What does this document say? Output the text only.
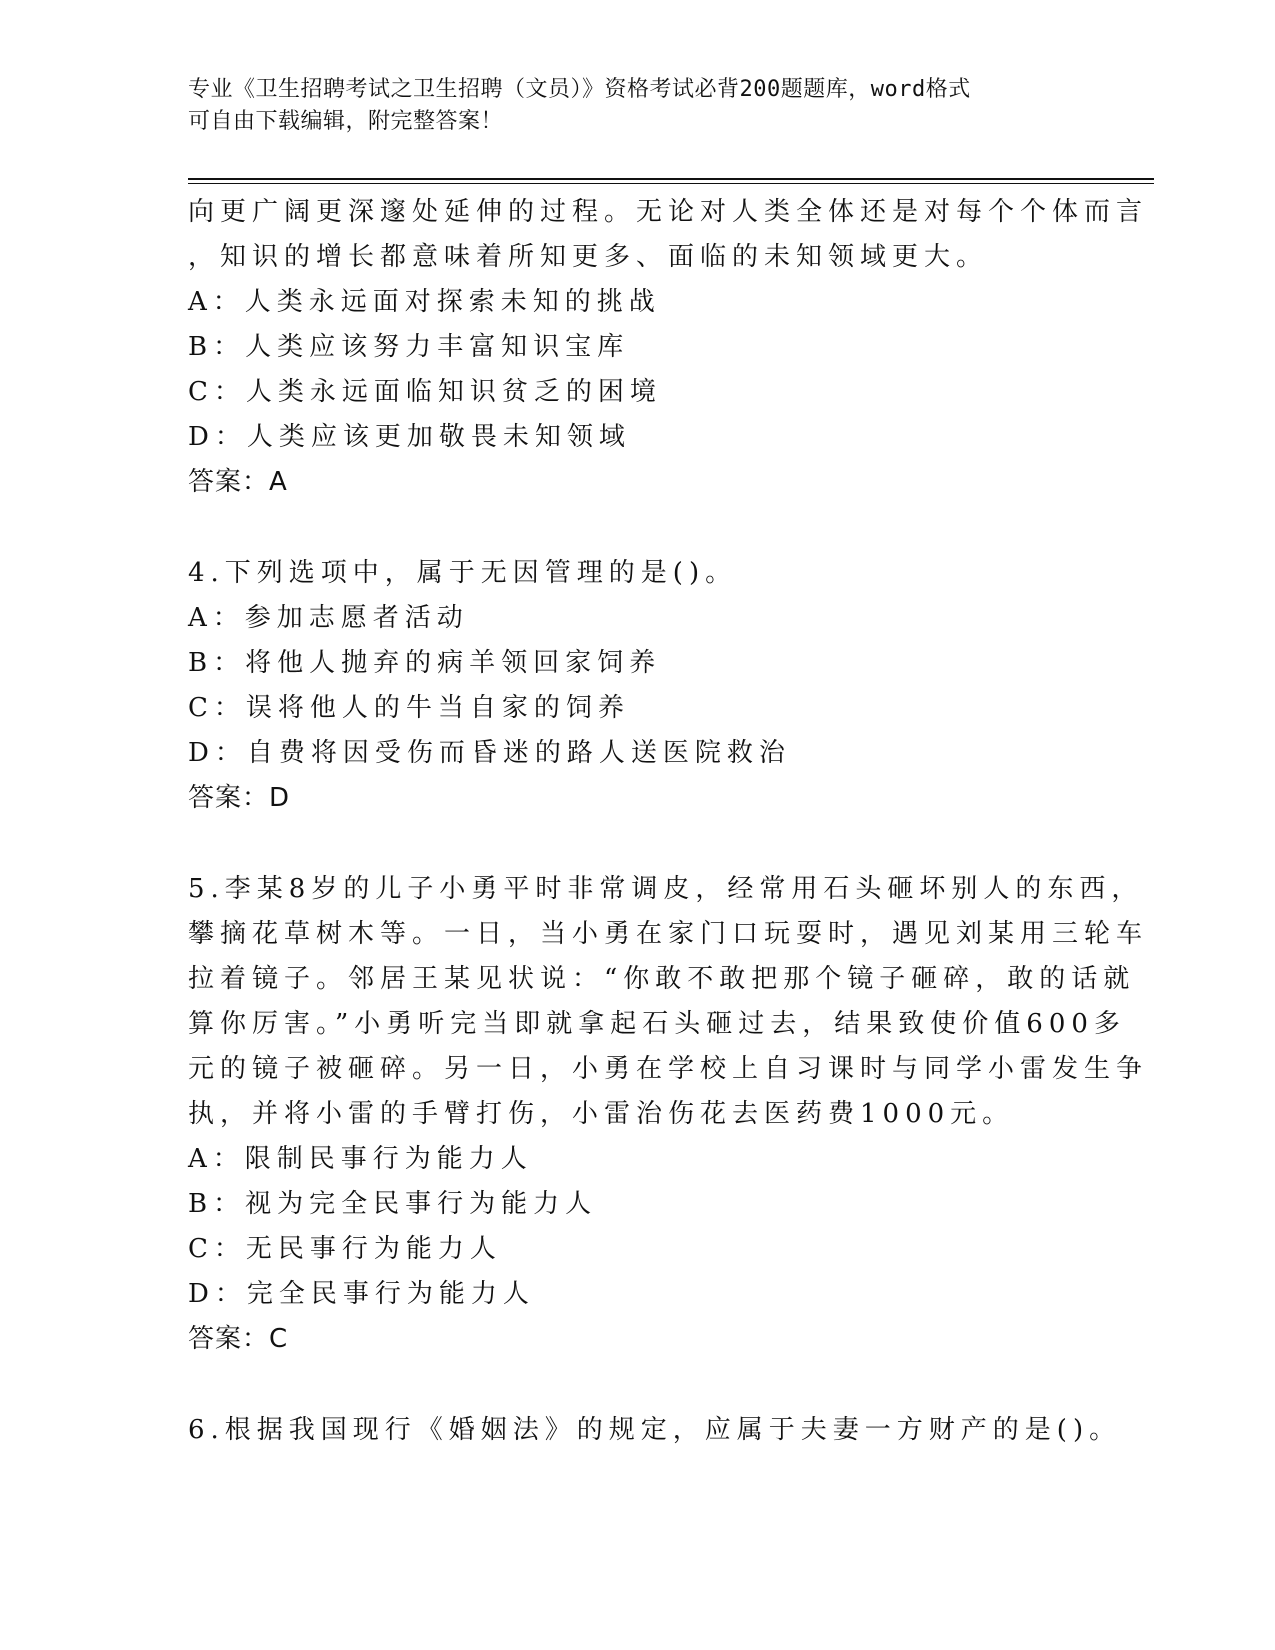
专业《卫生招聘考试之卫生招聘（文员）》资格考试必背200题题库，word格式
可自由下载编辑，附完整答案！
向更广阔更深邃处延伸的过程。无论对人类全体还是对每个个体而言
，知识的增长都意味着所知更多、面临的未知领域更大。
A：人类永远面对探索未知的挑战
B：人类应该努力丰富知识宝库
C：人类永远面临知识贫乏的困境
D：人类应该更加敬畏未知领域
答案：A
4.下列选项中，属于无因管理的是()。
A：参加志愿者活动
B：将他人抛弃的病羊领回家饲养
C：误将他人的牛当自家的饲养
D：自费将因受伤而昏迷的路人送医院救治
答案：D
5.李某8岁的儿子小勇平时非常调皮，经常用石头砸坏别人的东西，
攀摘花草树木等。一日，当小勇在家门口玩耍时，遇见刘某用三轮车
拉着镜子。邻居王某见状说：“你敢不敢把那个镜子砸碎，敢的话就
算你厉害。”小勇听完当即就拿起石头砸过去，结果致使价值600多
元的镜子被砸碎。另一日，小勇在学校上自习课时与同学小雷发生争
执，并将小雷的手臂打伤，小雷治伤花去医药费1000元。
A：限制民事行为能力人
B：视为完全民事行为能力人
C：无民事行为能力人
D：完全民事行为能力人
答案：C
6.根据我国现行《婚姻法》的规定，应属于夫妻一方财产的是()。
